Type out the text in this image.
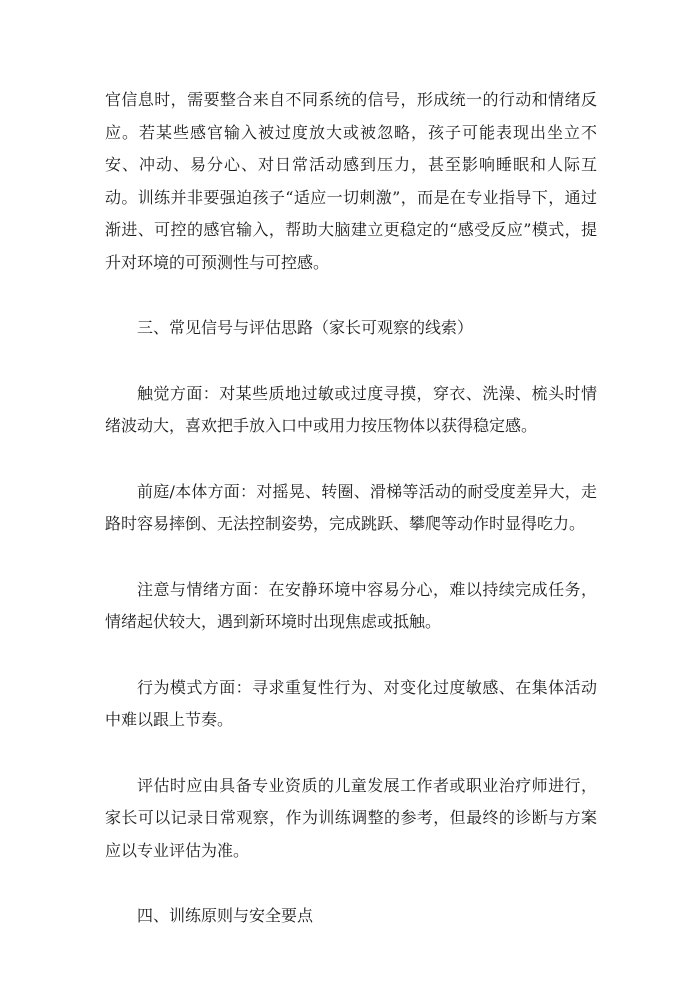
官信息时，需要整合来自不同系统的信号，形成统一的行动和情绪反应。若某些感官输入被过度放大或被忽略，孩子可能表现出坐立不安、冲动、易分心、对日常活动感到压力，甚至影响睡眠和人际互动。训练并非要强迫孩子“适应一切刺激”，而是在专业指导下，通过渐进、可控的感官输入，帮助大脑建立更稳定的“感受反应”模式，提升对环境的可预测性与可控感。

三、常见信号与评估思路（家长可观察的线索）

触觉方面：对某些质地过敏或过度寻摸，穿衣、洗澡、梳头时情绪波动大，喜欢把手放入口中或用力按压物体以获得稳定感。

前庭/本体方面：对摇晃、转圈、滑梯等活动的耐受度差异大，走路时容易摔倒、无法控制姿势，完成跳跃、攀爬等动作时显得吃力。

注意与情绪方面：在安静环境中容易分心，难以持续完成任务，情绪起伏较大，遇到新环境时出现焦虑或抵触。

行为模式方面：寻求重复性行为、对变化过度敏感、在集体活动中难以跟上节奏。

评估时应由具备专业资质的儿童发展工作者或职业治疗师进行，家长可以记录日常观察，作为训练调整的参考，但最终的诊断与方案应以专业评估为准。

四、训练原则与安全要点
